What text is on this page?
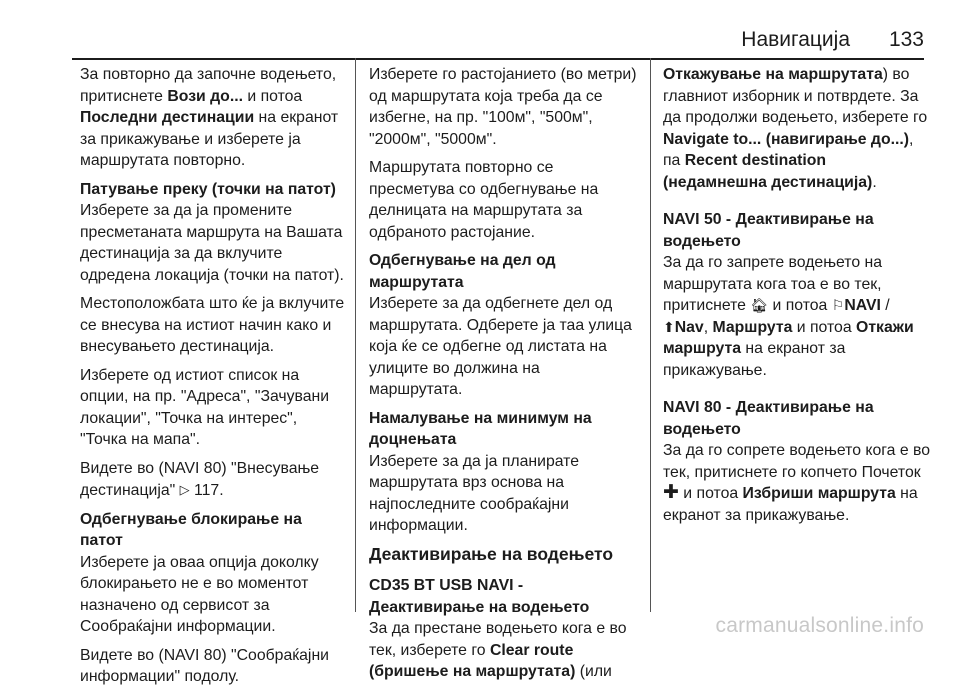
Навигација 133

За повторно да започне водењето, притиснете Вози до... и потоа Последни дестинации на екранот за прикажување и изберете ја маршрутата повторно.

Патување преку (точки на патот)

Изберете за да ја промените пресметаната маршрута на Вашата дестинација за да вклучите одредена локација (точки на патот).

Местоположбата што ќе ја вклучите се внесува на истиот начин како и внесувањето дестинација.

Изберете од истиот список на опции, на пр. "Адреса", "Зачувани локации", "Точка на интерес", "Точка на мапа".

Видете во (NAVI 80) "Внесување дестинација" ▷ 117.

Одбегнување блокирање на патот

Изберете ја оваа опција доколку блокирањето не е во моментот назначено од сервисот за Сообраќајни информации.

Видете во (NAVI 80) "Сообраќајни информации" подолу.

Изберете го растојанието (во метри) од маршрутата која треба да се избегне, на пр. "100м", "500м", "2000м", "5000м".

Маршрутата повторно се пресметува со одбегнување на делницата на маршрутата за одбраното растојание.

Одбегнување на дел од маршрутата

Изберете за да одбегнете дел од маршрутата. Одберете ја таа улица која ќе се одбегне од листата на улиците во должина на маршрутата.

Намалување на минимум на доцнењата

Изберете за да ја планирате маршрутата врз основа на најпоследните сообраќајни информации.

Деактивирање на водењето
CD35 BT USB NAVI - Деактивирање на водењето

За да престане водењето кога е во тек, изберете го Clear route (бришење на маршрутата) (или

Откажување на маршрутата) во главниот изборник и потврдете. За да продолжи водењето, изберете го Navigate to... (навигирање до...), па Recent destination (недамнешна дестинација).

NAVI 50 - Деактивирање на водењето

За да го запрете водењето на маршрутата кога тоа е во тек, притиснете 🏠︎ и потоа ⚐NAVI /
⬆Nav, Маршрута и потоа Откажи маршрута на екранот за прикажување.

NAVI 80 - Деактивирање на водењето

За да го сопрете водењето кога е во тек, притиснете го копчето Почеток ✚ и потоа Избриши маршрута на екранот за прикажување.

carmanualsonline.info
